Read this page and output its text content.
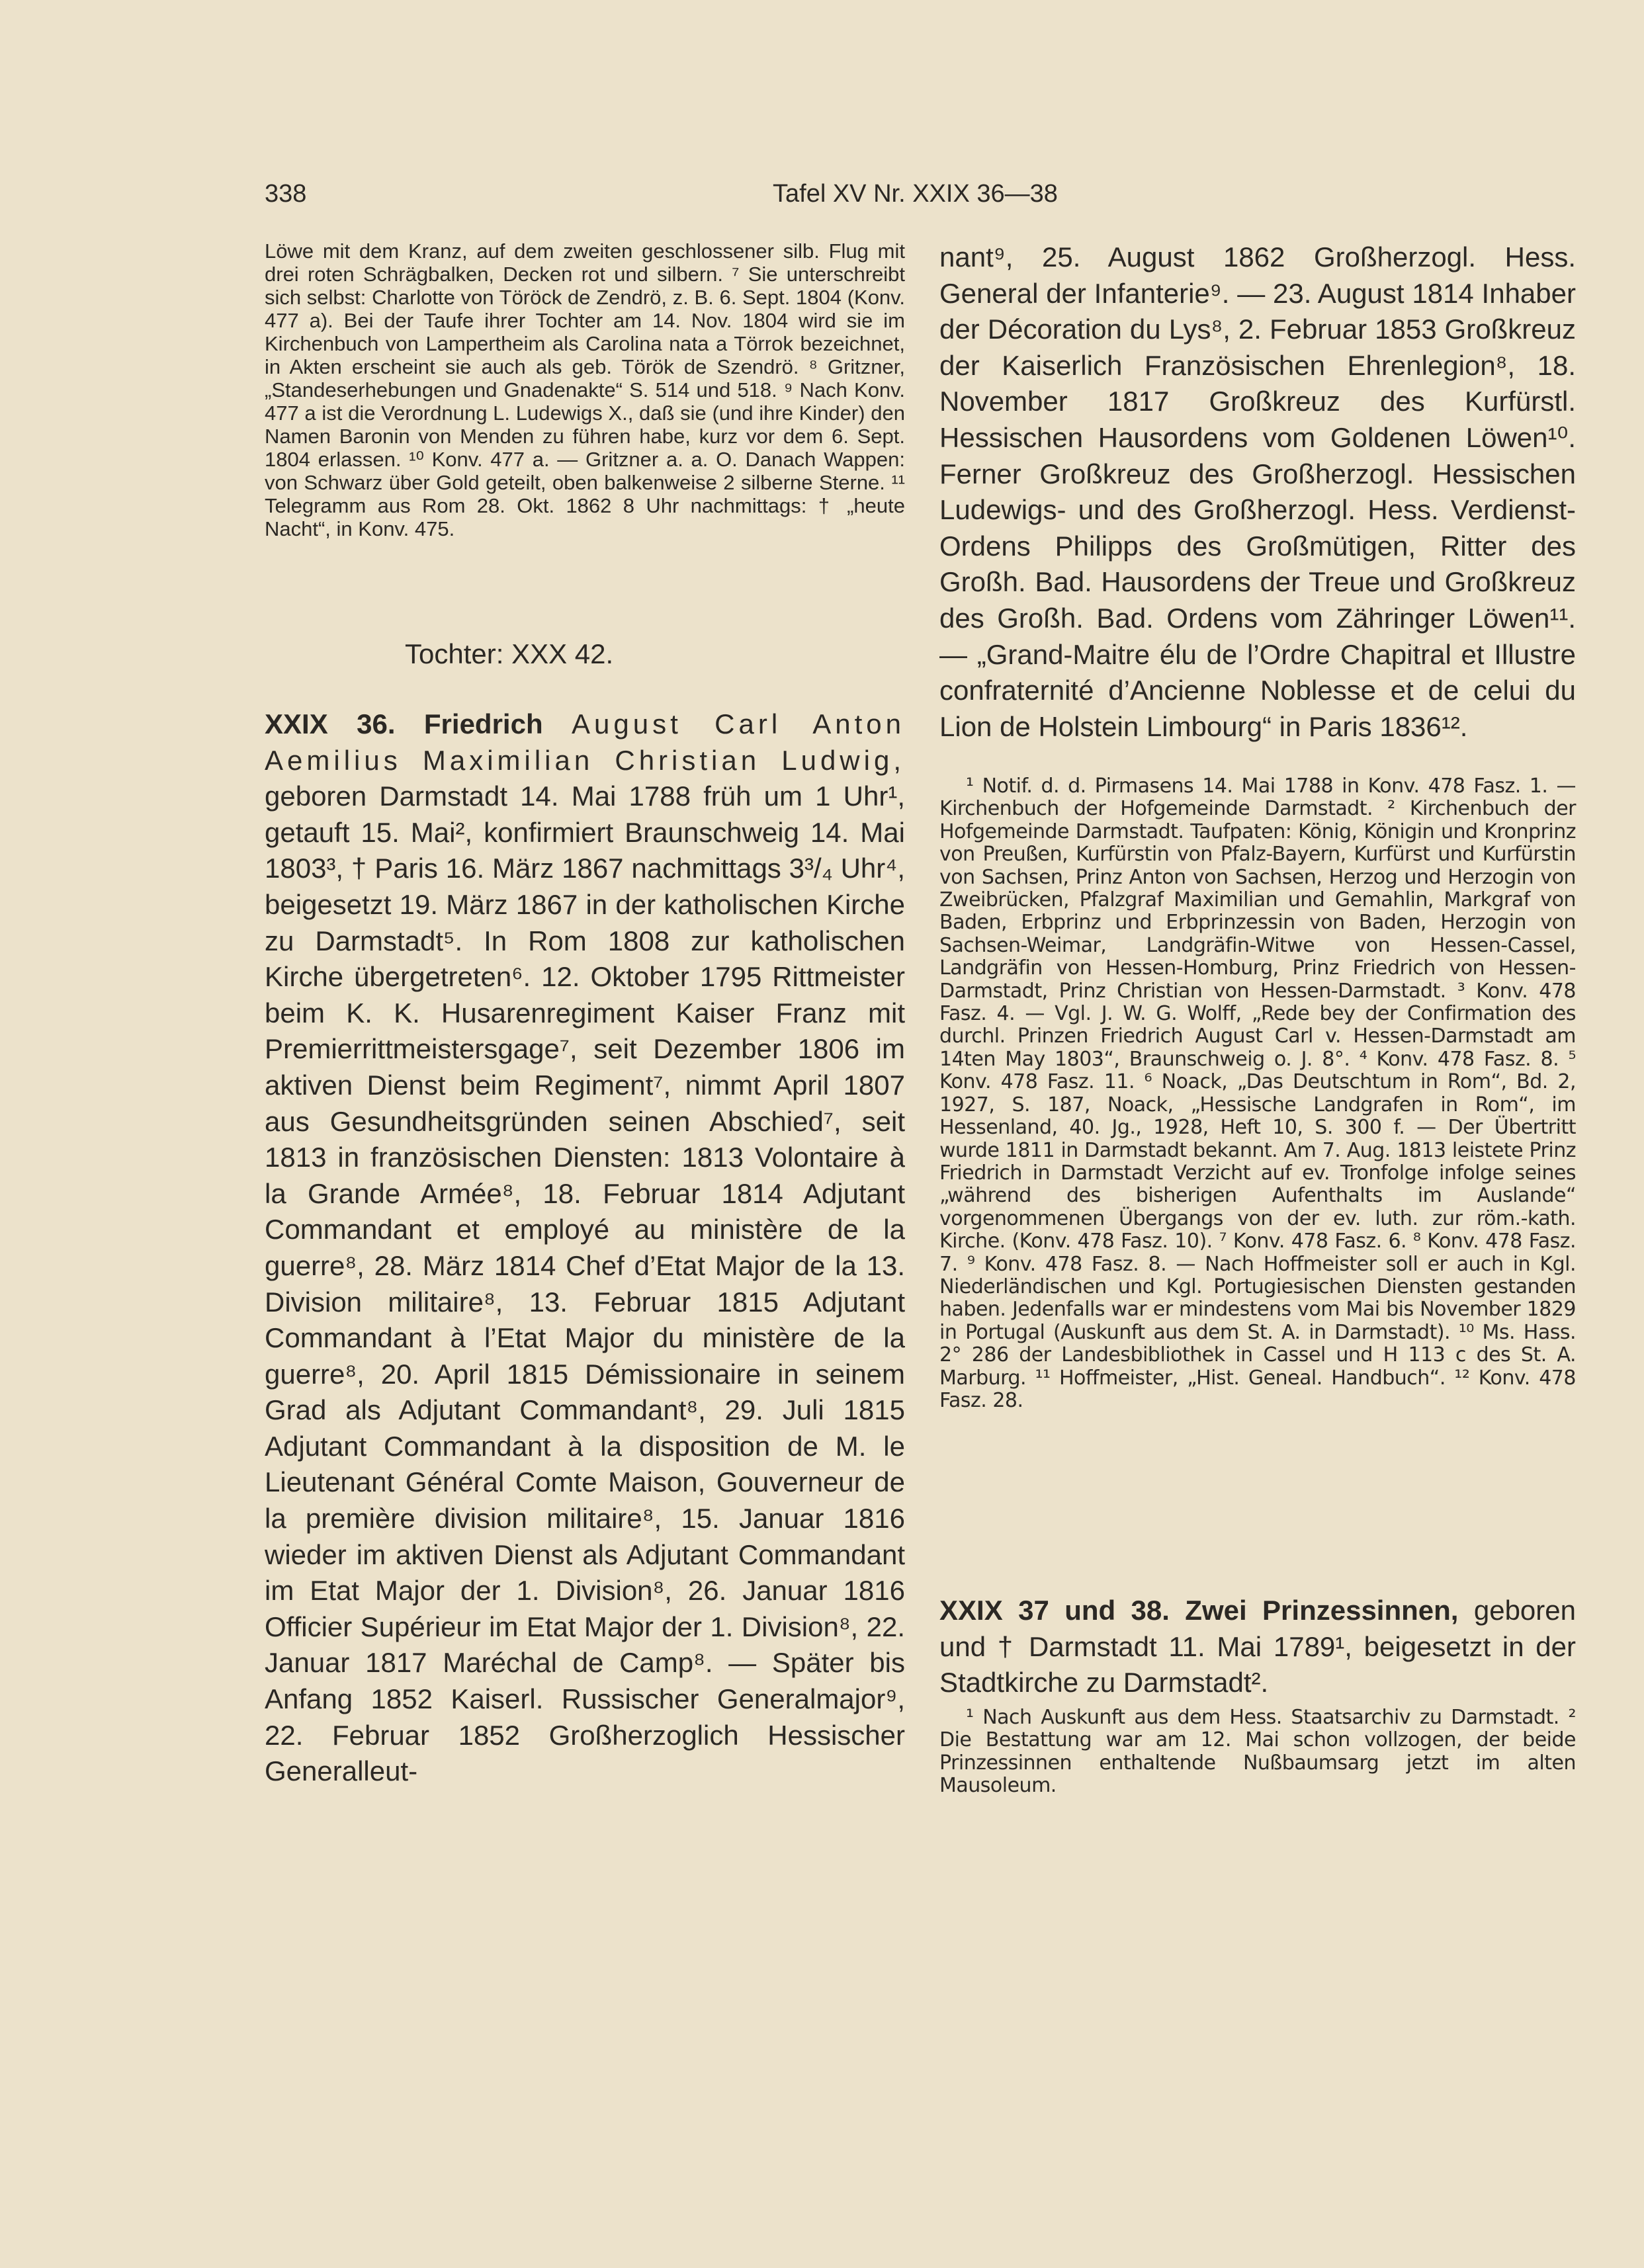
338	Tafel XV Nr. XXIX 36—38
Löwe mit dem Kranz, auf dem zweiten geschlossener silb. Flug mit drei roten Schrägbalken, Decken rot und silbern. ⁷ Sie unterschreibt sich selbst: Charlotte von Töröck de Zendrö, z. B. 6. Sept. 1804 (Konv. 477 a). Bei der Taufe ihrer Tochter am 14. Nov. 1804 wird sie im Kirchenbuch von Lampertheim als Carolina nata a Törrok bezeichnet, in Akten erscheint sie auch als geb. Török de Szendrö. ⁸ Gritzner, „Standeserhebungen und Gnadenakte“ S. 514 und 518. ⁹ Nach Konv. 477 a ist die Verordnung L. Ludewigs X., daß sie (und ihre Kinder) den Namen Baronin von Menden zu führen habe, kurz vor dem 6. Sept. 1804 erlassen. ¹⁰ Konv. 477 a. — Gritzner a. a. O. Danach Wappen: von Schwarz über Gold geteilt, oben balkenweise 2 silberne Sterne. ¹¹ Telegramm aus Rom 28. Okt. 1862 8 Uhr nachmittags: † „heute Nacht“, in Konv. 475.
Tochter: XXX 42.
XXIX 36. Friedrich August Carl Anton Aemilius Maximilian Christian Ludwig, geboren Darmstadt 14. Mai 1788 früh um 1 Uhr¹, getauft 15. Mai², konfirmiert Braunschweig 14. Mai 1803³, † Paris 16. März 1867 nachmittags 3³/₄ Uhr⁴, beigesetzt 19. März 1867 in der katholischen Kirche zu Darmstadt⁵. In Rom 1808 zur katholischen Kirche übergetreten⁶. 12. Oktober 1795 Rittmeister beim K. K. Husarenregiment Kaiser Franz mit Premierrittmeistersgage⁷, seit Dezember 1806 im aktiven Dienst beim Regiment⁷, nimmt April 1807 aus Gesundheitsgründen seinen Abschied⁷, seit 1813 in französischen Diensten: 1813 Volontaire à la Grande Armée⁸, 18. Februar 1814 Adjutant Commandant et employé au ministère de la guerre⁸, 28. März 1814 Chef d’Etat Major de la 13. Division militaire⁸, 13. Februar 1815 Adjutant Commandant à l’Etat Major du ministère de la guerre⁸, 20. April 1815 Démissionaire in seinem Grad als Adjutant Commandant⁸, 29. Juli 1815 Adjutant Commandant à la disposition de M. le Lieutenant Général Comte Maison, Gouverneur de la première division militaire⁸, 15. Januar 1816 wieder im aktiven Dienst als Adjutant Commandant im Etat Major der 1. Division⁸, 26. Januar 1816 Officier Supérieur im Etat Major der 1. Division⁸, 22. Januar 1817 Maréchal de Camp⁸. — Später bis Anfang 1852 Kaiserl. Russischer Generalmajor⁹, 22. Februar 1852 Großherzoglich Hessischer Generalleut-
nant⁹, 25. August 1862 Großherzogl. Hess. General der Infanterie⁹. — 23. August 1814 Inhaber der Décoration du Lys⁸, 2. Februar 1853 Großkreuz der Kaiserlich Französischen Ehrenlegion⁸, 18. November 1817 Großkreuz des Kurfürstl. Hessischen Hausordens vom Goldenen Löwen¹⁰. Ferner Großkreuz des Großherzogl. Hessischen Ludewigs- und des Großherzogl. Hess. Verdienst-Ordens Philipps des Großmütigen, Ritter des Großh. Bad. Hausordens der Treue und Großkreuz des Großh. Bad. Ordens vom Zähringer Löwen¹¹. — „Grand-Maitre élu de l’Ordre Chapitral et Illustre confraternité d’Ancienne Noblesse et de celui du Lion de Holstein Limbourg“ in Paris 1836¹².
¹ Notif. d. d. Pirmasens 14. Mai 1788 in Konv. 478 Fasz. 1. — Kirchenbuch der Hofgemeinde Darmstadt. ² Kirchenbuch der Hofgemeinde Darmstadt. Taufpaten: König, Königin und Kronprinz von Preußen, Kurfürstin von Pfalz-Bayern, Kurfürst und Kurfürstin von Sachsen, Prinz Anton von Sachsen, Herzog und Herzogin von Zweibrücken, Pfalzgraf Maximilian und Gemahlin, Markgraf von Baden, Erbprinz und Erbprinzessin von Baden, Herzogin von Sachsen-Weimar, Landgräfin-Witwe von Hessen-Cassel, Landgräfin von Hessen-Homburg, Prinz Friedrich von Hessen-Darmstadt, Prinz Christian von Hessen-Darmstadt. ³ Konv. 478 Fasz. 4. — Vgl. J. W. G. Wolff, „Rede bey der Confirmation des durchl. Prinzen Friedrich August Carl v. Hessen-Darmstadt am 14ten May 1803“, Braunschweig o. J. 8°. ⁴ Konv. 478 Fasz. 8. ⁵ Konv. 478 Fasz. 11. ⁶ Noack, „Das Deutschtum in Rom“, Bd. 2, 1927, S. 187, Noack, „Hessische Landgrafen in Rom“, im Hessenland, 40. Jg., 1928, Heft 10, S. 300 f. — Der Übertritt wurde 1811 in Darmstadt bekannt. Am 7. Aug. 1813 leistete Prinz Friedrich in Darmstadt Verzicht auf ev. Tronfolge infolge seines „während des bisherigen Aufenthalts im Auslande“ vorgenommenen Übergangs von der ev. luth. zur röm.-kath. Kirche. (Konv. 478 Fasz. 10). ⁷ Konv. 478 Fasz. 6. ⁸ Konv. 478 Fasz. 7. ⁹ Konv. 478 Fasz. 8. — Nach Hoffmeister soll er auch in Kgl. Niederländischen und Kgl. Portugiesischen Diensten gestanden haben. Jedenfalls war er mindestens vom Mai bis November 1829 in Portugal (Auskunft aus dem St. A. in Darmstadt). ¹⁰ Ms. Hass. 2° 286 der Landesbibliothek in Cassel und H 113 c des St. A. Marburg. ¹¹ Hoffmeister, „Hist. Geneal. Handbuch“. ¹² Konv. 478 Fasz. 28.
XXIX 37 und 38. Zwei Prinzessinnen, geboren und † Darmstadt 11. Mai 1789¹, beigesetzt in der Stadtkirche zu Darmstadt².
¹ Nach Auskunft aus dem Hess. Staatsarchiv zu Darmstadt. ² Die Bestattung war am 12. Mai schon vollzogen, der beide Prinzessinnen enthaltende Nußbaumsarg jetzt im alten Mausoleum.
